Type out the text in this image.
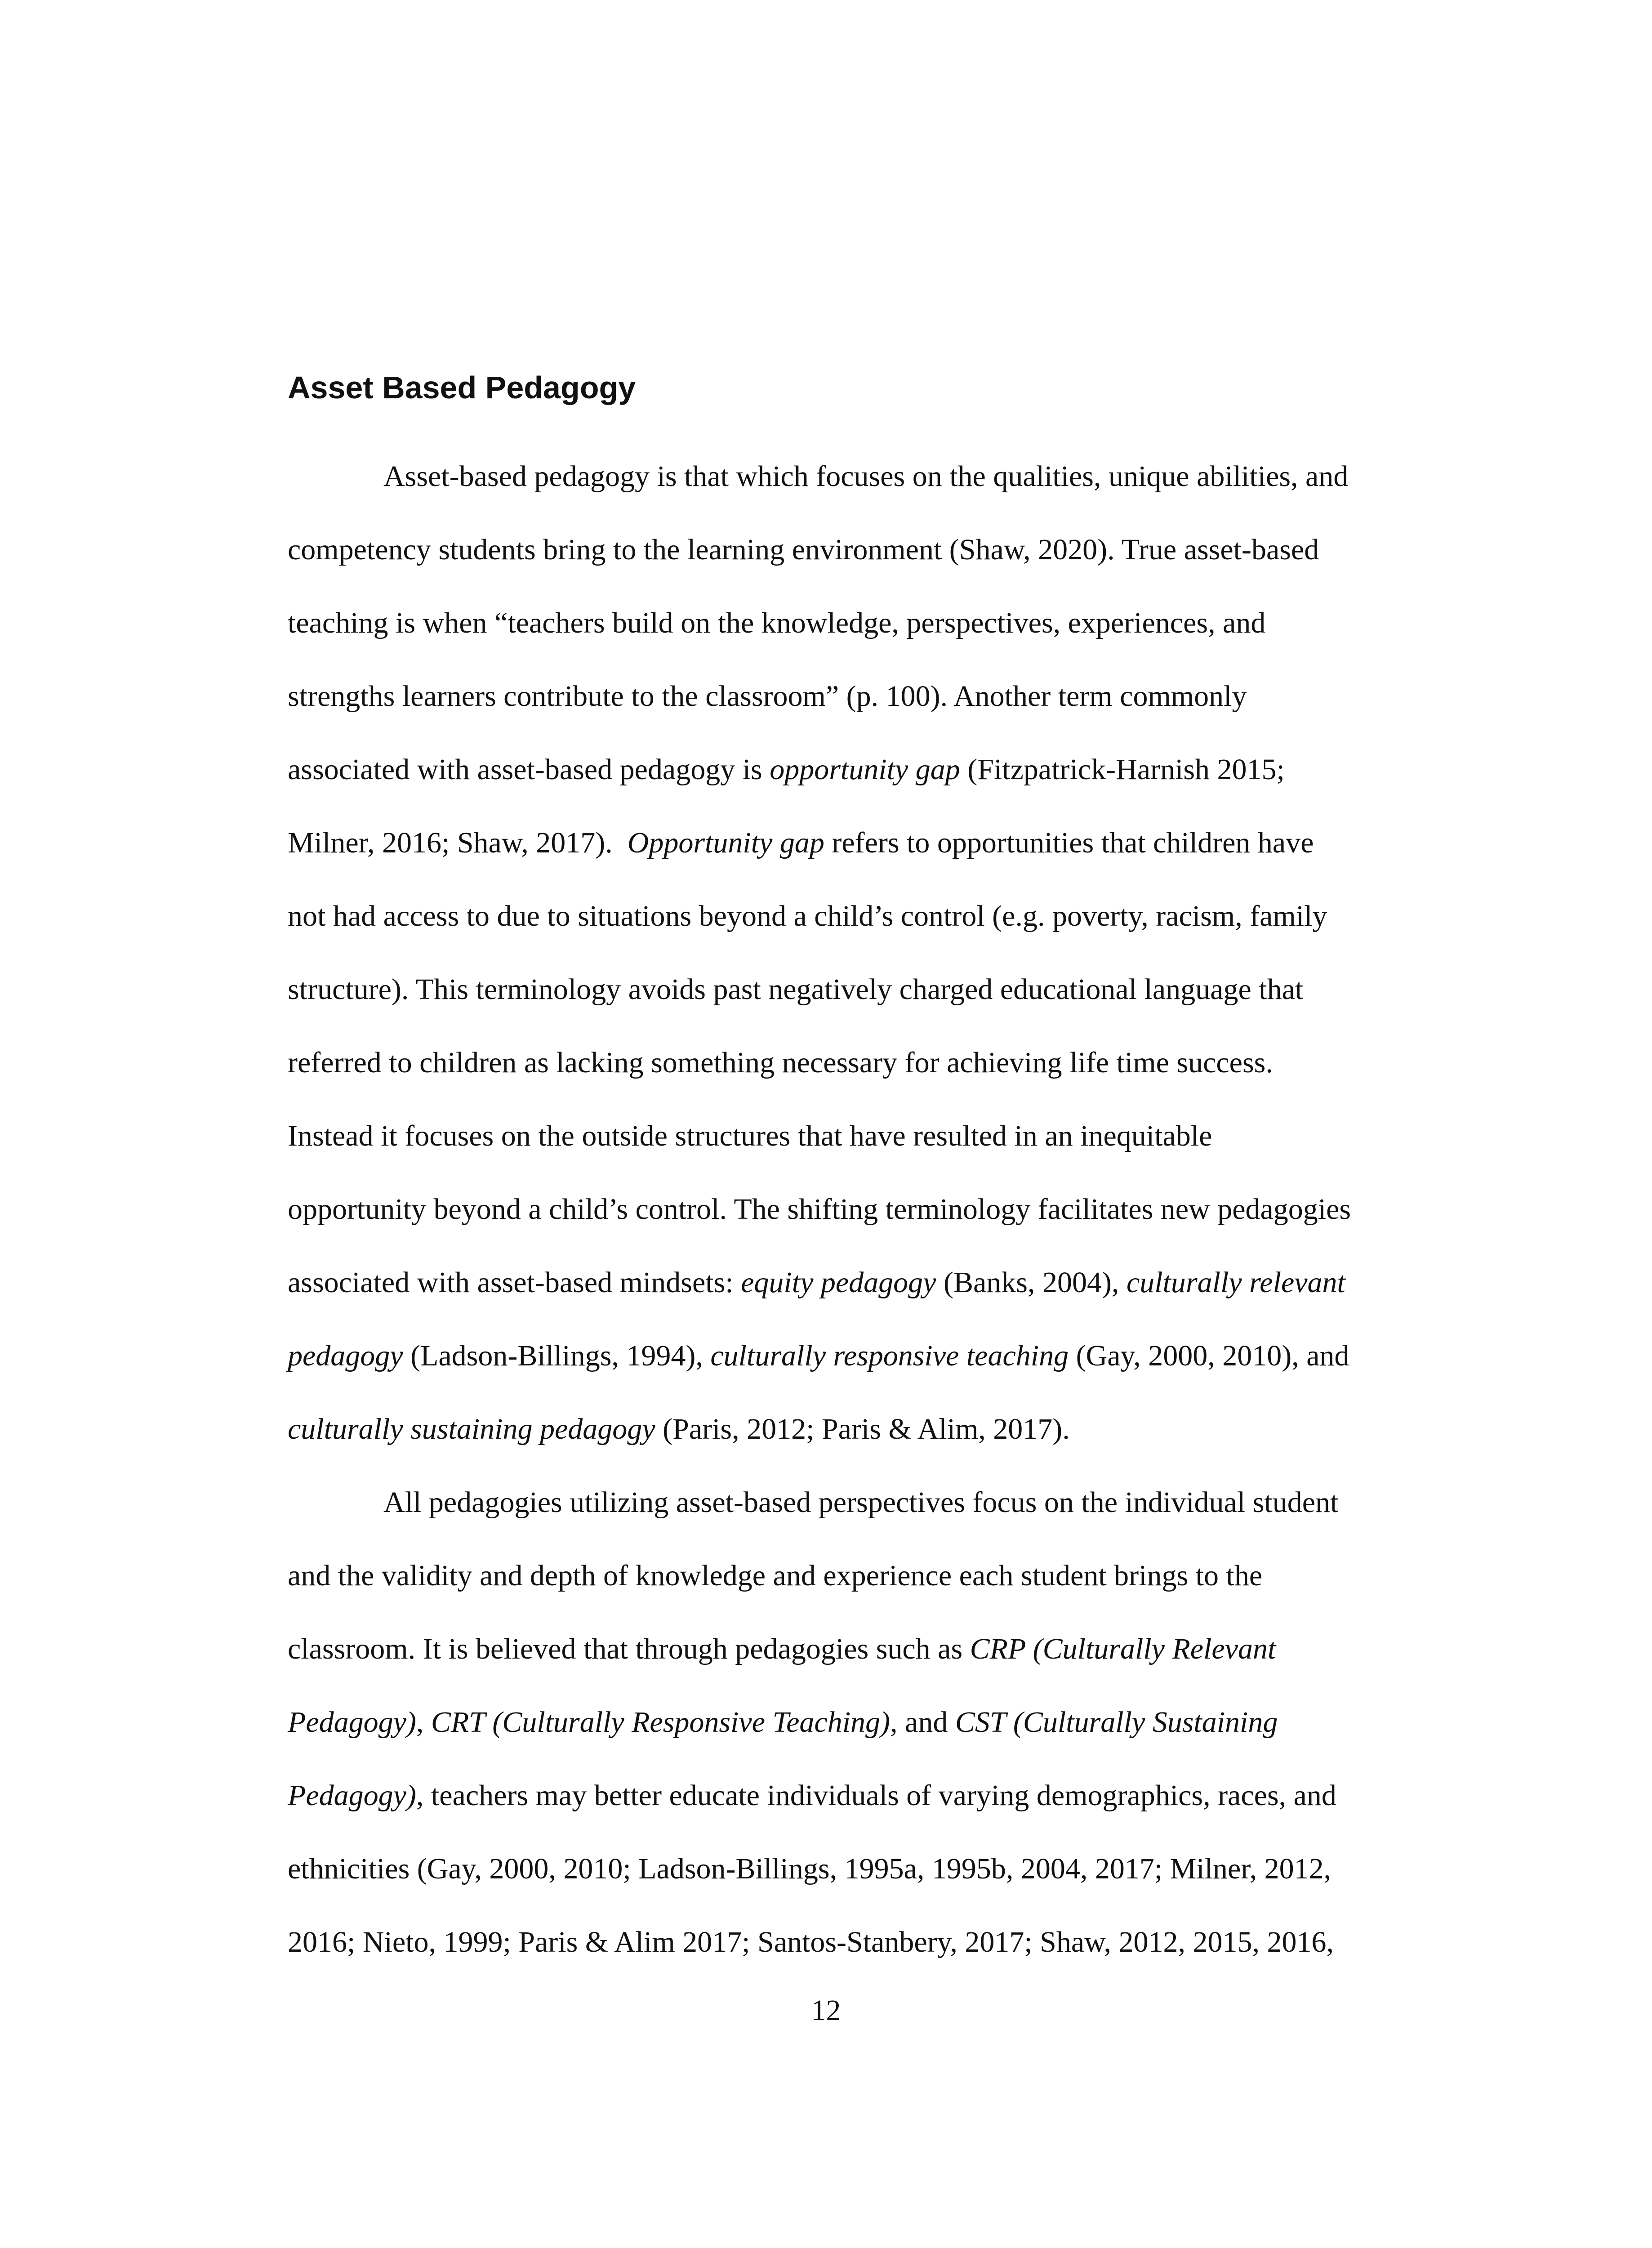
Asset Based Pedagogy
Asset-based pedagogy is that which focuses on the qualities, unique abilities, and
competency students bring to the learning environment (Shaw, 2020). True asset-based
teaching is when “teachers build on the knowledge, perspectives, experiences, and
strengths learners contribute to the classroom” (p. 100). Another term commonly
associated with asset-based pedagogy is opportunity gap (Fitzpatrick-Harnish 2015;
Milner, 2016; Shaw, 2017).  Opportunity gap refers to opportunities that children have
not had access to due to situations beyond a child’s control (e.g. poverty, racism, family
structure). This terminology avoids past negatively charged educational language that
referred to children as lacking something necessary for achieving life time success.
Instead it focuses on the outside structures that have resulted in an inequitable
opportunity beyond a child’s control. The shifting terminology facilitates new pedagogies
associated with asset-based mindsets: equity pedagogy (Banks, 2004), culturally relevant
pedagogy (Ladson-Billings, 1994), culturally responsive teaching (Gay, 2000, 2010), and
culturally sustaining pedagogy (Paris, 2012; Paris & Alim, 2017).
All pedagogies utilizing asset-based perspectives focus on the individual student
and the validity and depth of knowledge and experience each student brings to the
classroom. It is believed that through pedagogies such as CRP (Culturally Relevant
Pedagogy), CRT (Culturally Responsive Teaching), and CST (Culturally Sustaining
Pedagogy), teachers may better educate individuals of varying demographics, races, and
ethnicities (Gay, 2000, 2010; Ladson-Billings, 1995a, 1995b, 2004, 2017; Milner, 2012,
2016; Nieto, 1999; Paris & Alim 2017; Santos-Stanbery, 2017; Shaw, 2012, 2015, 2016,
12
